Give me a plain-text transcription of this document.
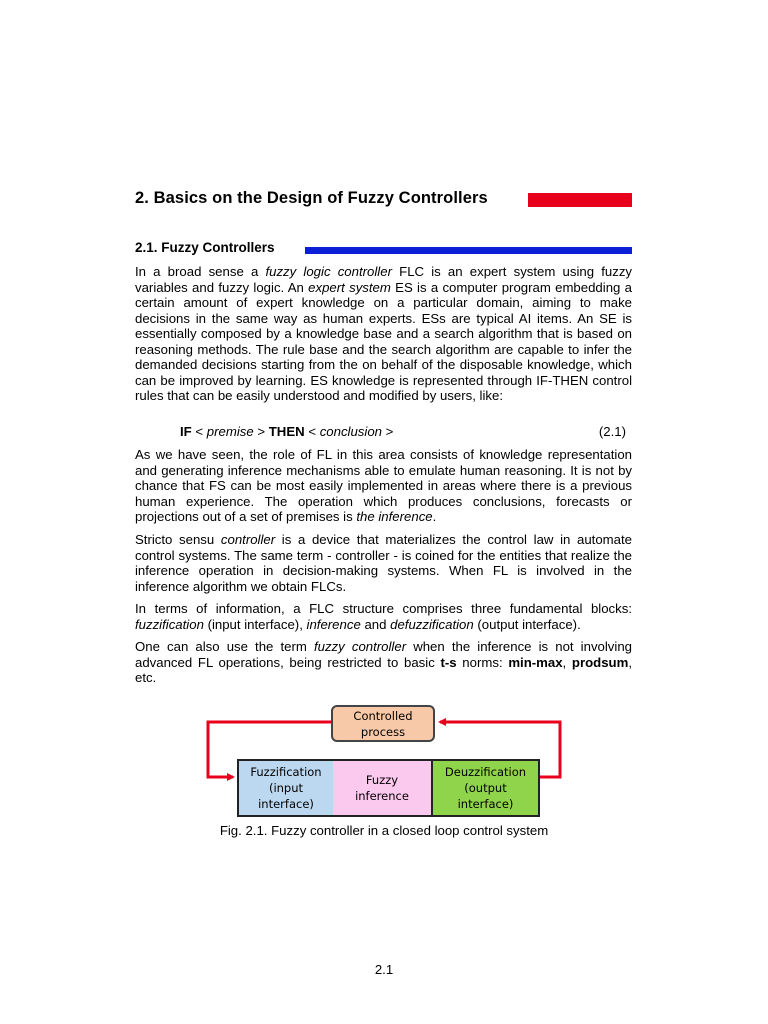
2. Basics on the Design of Fuzzy Controllers
2.1. Fuzzy Controllers
In a broad sense a fuzzy logic controller FLC is an expert system using fuzzy variables and fuzzy logic. An expert system ES is a computer program embedding a certain amount of expert knowledge on a particular domain, aiming to make decisions in the same way as human experts. ESs are typical AI items. An SE is essentially composed by a knowledge base and a search algorithm that is based on reasoning methods. The rule base and the search algorithm are capable to infer the demanded decisions starting from the on behalf of the disposable knowledge, which can be improved by learning. ES knowledge is represented through IF-THEN control rules that can be easily understood and modified by users, like:
IF < premise > THEN < conclusion >	(2.1)
As we have seen, the role of FL in this area consists of knowledge representation and generating inference mechanisms able to emulate human reasoning. It is not by chance that FS can be most easily implemented in areas where there is a previous human experience. The operation which produces conclusions, forecasts or projections out of a set of premises is the inference.
Stricto sensu controller is a device that materializes the control law in automate control systems. The same term - controller - is coined for the entities that realize the inference operation in decision-making systems. When FL is involved in the inference algorithm we obtain FLCs.
In terms of information, a FLC structure comprises three fundamental blocks: fuzzification (input interface), inference and defuzzification (output interface).
One can also use the term fuzzy controller when the inference is not involving advanced FL operations, being restricted to basic t-s norms: min-max, prodsum, etc.
Controlled process
Fuzzification (input interface)
Fuzzy inference
Deuzzification (output interface)
Fig. 2.1. Fuzzy controller in a closed loop control system
2.1
